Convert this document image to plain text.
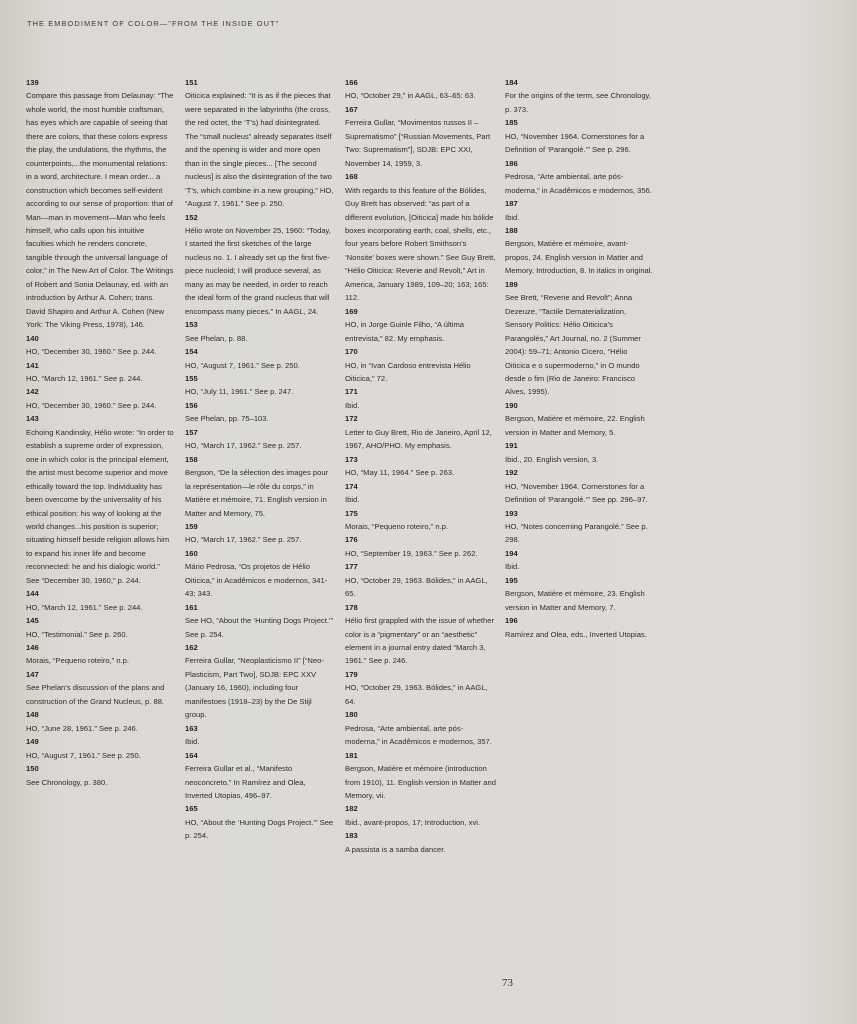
THE EMBODIMENT OF COLOR—"FROM THE INSIDE OUT"
139
Compare this passage from Delaunay: “The whole world, the most humble craftsman, has eyes which are capable of seeing that there are colors, that these colors express the play, the undulations, the rhythms, the counterpoints,...the monumental relations: in a word, architecture. I mean order... a construction which becomes self-evident according to our sense of proportion: that of Man—man in movement—Man who feels himself, who calls upon his intuitive faculties which he renders concrete, tangible through the universal language of color,” in The New Art of Color. The Writings of Robert and Sonia Delaunay, ed. with an introduction by Arthur A. Cohen; trans. David Shapiro and Arthur A. Cohen (New York: The Viking Press, 1978), 146.
140
HO, “December 30, 1960.” See p. 244.
141
HO, “March 12, 1961.” See p. 244.
142
HO, “December 30, 1960.” See p. 244.
143
Echoing Kandinsky, Hélio wrote: “In order to establish a supreme order of expression, one in which color is the principal element, the artist must become superior and move ethically toward the top. Individuality has been overcome by the universality of his ethical position: his way of looking at the world changes...his position is superior; situating himself beside religion allows him to expand his inner life and become reconnected: he and his dialogic world.” See “December 30, 1960,” p. 244.
144
HO, “March 12, 1961.” See p. 244.
145
HO, “Testimonial.” See p. 260.
146
Morais, “Pequeno roteiro,” n.p.
147
See Phelan’s discussion of the plans and construction of the Grand Nucleus, p. 88.
148
HO, “June 28, 1961.” See p. 246.
149
HO, “August 7, 1961.” See p. 250.
150
See Chronology, p. 380.
151
Oiticica explained: “It is as if the pieces that were separated in the labyrinths (the cross, the red octet, the ‘T’s) had disintegrated. The “small nucleus” already separates itself and the opening is wider and more open than in the single pieces... [The second nucleus] is also the disintegration of the two ‘T’s, which combine in a new grouping.” HO, “August 7, 1961.” See p. 250.
152
Hélio wrote on November 25, 1960: “Today, I started the first sketches of the large nucleus no. 1. I already set up the first five-piece nucleoid; I will produce several, as many as may be needed, in order to reach the ideal form of the grand nucleus that will encompass many pieces.” In AAGL, 24.
153
See Phelan, p. 88.
154
HO, “August 7, 1961.” See p. 250.
155
HO, “July 11, 1961.” See p. 247.
156
See Phelan, pp. 75–103.
157
HO, “March 17, 1962.” See p. 257.
158
Bergson, “De la sélection des images pour la représentation—le rôle du corps,” in Matière et mémoire, 71. English version in Matter and Memory, 75.
159
HO, “March 17, 1962.” See p. 257.
160
Mário Pedrosa, “Os projetos de Hélio Oiticica,” in Acadêmicos e modernos, 341-43; 343.
161
See HO, “About the ‘Hunting Dogs Project.’” See p. 254.
162
Ferreira Gullar, “Neoplasticismo II” [“Neo-Plasticism, Part Two], SDJB: EPC XXV (January 16, 1960), including four manifestoes (1918–23) by the De Stijl group.
163
Ibid.
164
Ferreira Gullar et al., “Manifesto neoconcreto.” In Ramírez and Olea, Inverted Utopias, 496–97.
165
HO, “About the ‘Hunting Dogs Project.’” See p. 254.
166
HO, “October 29,” in AAGL, 63–65: 63.
167
Ferreira Gullar, “Movimentos russos II – Suprematismo” [“Russian Movements, Part Two: Suprematism”], SDJB: EPC XXI, November 14, 1959, 3.
168
With regards to this feature of the Bólides, Guy Brett has observed: “as part of a different evolution, [Oiticica] made his bólide boxes incorporating earth, coal, shells, etc., four years before Robert Smithson’s ‘Nonsite’ boxes were shown.” See Guy Brett, “Hélio Oiticica: Reverie and Revolt,” Art in America, January 1989, 109–20; 163; 165: 112.
169
HO, in Jorge Guinle Filho, “A última entrevista,” 82. My emphasis.
170
HO, in “Ivan Cardoso entrevista Hélio Oiticica,” 72.
171
Ibid.
172
Letter to Guy Brett, Rio de Janeiro, April 12, 1967, AHO/PHO. My emphasis.
173
HO, “May 11, 1964.” See p. 263.
174
Ibid.
175
Morais, “Pequeno roteiro,” n.p.
176
HO, “September 19, 1963.” See p. 262.
177
HO, “October 29, 1963. Bólides,” in AAGL, 65.
178
Hélio first grappled with the issue of whether color is a “pigmentary” or an “aesthetic” element in a journal entry dated “March 3, 1961.” See p. 246.
179
HO, “October 29, 1963. Bólides,” in AAGL, 64.
180
Pedrosa, “Arte ambiental, arte pós-moderna,” in Acadêmicos e modernos, 357.
181
Bergson, Matière et mémoire (introduction from 1910), 11. English version in Matter and Memory, vii.
182
Ibid., avant-propos, 17; Introduction, xvi.
183
A passista is a samba dancer.
184
For the origins of the term, see Chronology, p. 373.
185
HO, “November 1964. Cornerstones for a Definition of ‘Parangolé.’” See p. 296.
186
Pedrosa, “Arte ambiental, arte pós-moderna,” in Acadêmicos e modernos, 356.
187
Ibid.
188
Bergson, Matière et mémoire, avant-propos, 24. English version in Matter and Memory, Introduction, 8. In italics in original.
189
See Brett, “Reverie and Revolt”; Anna Dezeuze, “Tactile Dematerialization, Sensory Politics: Hélio Oiticica’s Parangolés,” Art Journal, no. 2 (Summer 2004): 59–71; Antonio Cicero, “Hélio Oiticica e o supermoderno,” in O mundo desde o fim (Rio de Janeiro: Francisco Alves, 1995).
190
Bergson, Matière et mémoire, 22. English version in Matter and Memory, 5.
191
Ibid., 20. English version, 3.
192
HO, “November 1964. Cornerstones for a Definition of ‘Parangolé.’” See pp. 296–97.
193
HO, “Notes concerning Parangolé.” See p. 298.
194
Ibid.
195
Bergson, Matière et mémoire, 23. English version in Matter and Memory, 7.
196
Ramírez and Olea, eds., Inverted Utopias.
73
